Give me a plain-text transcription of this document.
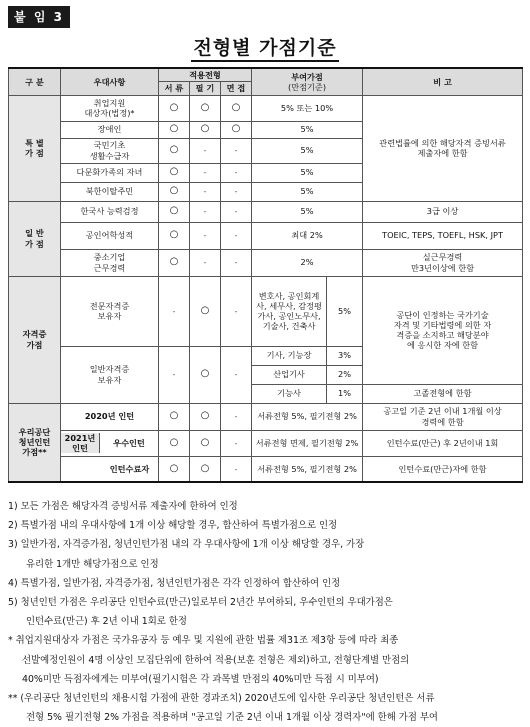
붙 임 3
전형별 가점기준
구 분	우대사항	적용전형			부여가점
(만점기준)		비 고
		서 류	필 기	면 접			
특 별
가 점	취업지원
대상자(법정)*	○	○	○	5% 또는 10%		관련법률에 의한 해당자격 증빙서류 제출자에 한함
	장애인	○	○	○	5%		
	국민기초
생활수급자	○	-	-	5%		
	다문화가족의 자녀	○	-	-	5%		
	북한이탈주민	○	-	-	5%		
일 반
가 점	한국사 능력검정	○	-	-	5%		3급 이상
	공인어학성적	○	-	-	최대 2%		TOEIC, TEPS, TOEFL, HSK, JPT
	중소기업
근무경력	○	-	-	2%		실근무경력
만3년이상에 한함
자격증
가점	전문자격증
보유자	-	○	-	변호사, 공인회계사, 세무사, 감정평가사, 공인노무사, 기술사, 건축사	5%	공단이 인정하는 국가기술자격 및 기타법령에 의한 자격증을 소지하고 해당분야에 응시한 자에 한함
	일반자격증
보유자	-	○	-	기사, 기능장	3%	
					산업기사	2%	
					기능사	1%	고졸전형에 한함
우리공단
청년인턴
가점**	2020년 인턴	○	○	-	서류전형 5%, 필기전형 2%		공고일 기준 2년 이내 1개월 이상 경력에 한함

2021년
인턴
우수인턴	○	○	-	서류전형 면제, 필기전형 2%		인턴수료(만근) 후 2년이내 1회
	인턴수료자	○	○	-	서류전형 5%, 필기전형 2%		인턴수료(만근)자에 한함
1) 모든 가점은 해당자격 증빙서류 제출자에 한하여 인정
2) 특별가점 내의 우대사항에 1개 이상 해당할 경우, 합산하여 특별가점으로 인정
3) 일반가점, 자격증가점, 청년인턴가점 내의 각 우대사항에 1개 이상 해당할 경우, 가장
유리한 1개만 해당가점으로 인정
4) 특별가점, 일반가점, 자격증가점, 청년인턴가점은 각각 인정하여 합산하여 인정
5) 청년인턴 가점은 우리공단 인턴수료(만근)일로부터 2년간 부여하되, 우수인턴의 우대가점은
인턴수료(만근) 후 2년 이내 1회로 한정
* 취업지원대상자 가점은 국가유공자 등 예우 및 지원에 관한 법률 제31조 제3항 등에 따라 최종
선발예정인원이 4명 이상인 모집단위에 한하여 적용(보훈 전형은 제외)하고, 전형단계별 만점의
40%미만 득점자에게는 미부여(필기시험은 각 과목별 만점의 40%미만 득점 시 미부여)
** (우리공단 청년인턴의 채용시험 가점에 관한 경과조치) 2020년도에 입사한 우리공단 청년인턴은 서류
전형 5% 필기전형 2% 가점을 적용하며 "공고일 기준 2년 이내 1개월 이상 경력자"에 한해 가점 부여
